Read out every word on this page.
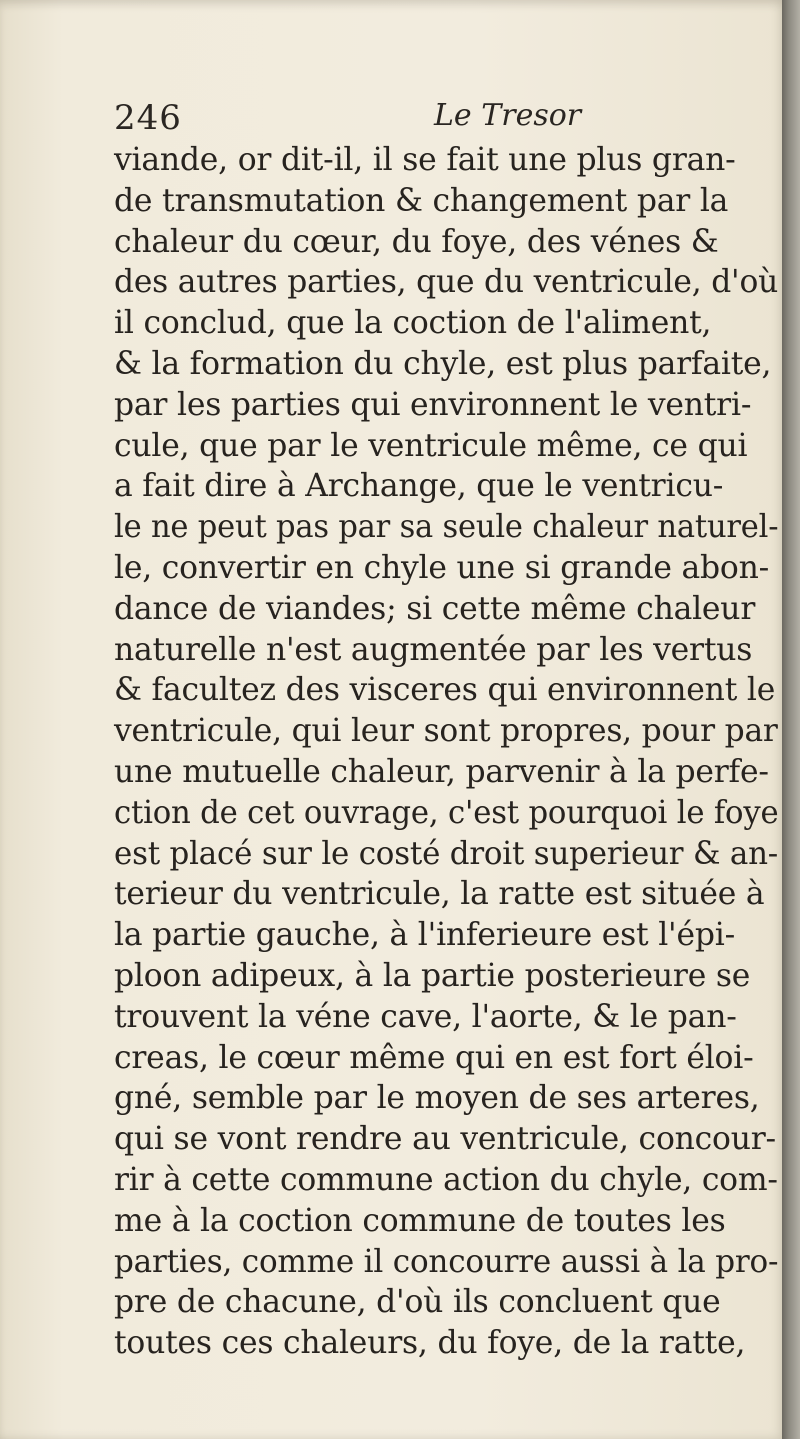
246	Le Tresor
viande, or dit-il, il se fait une plus gran-
de transmutation & changement par la
chaleur du cœur, du foye, des vénes &
des autres parties, que du ventricule, d'où
il conclud, que la coction de l'aliment,
& la formation du chyle, est plus parfaite,
par les parties qui environnent le ventri-
cule, que par le ventricule même, ce qui
a fait dire à Archange, que le ventricu-
le ne peut pas par sa seule chaleur naturel-
le, convertir en chyle une si grande abon-
dance de viandes; si cette même chaleur
naturelle n'est augmentée par les vertus
& facultez des visceres qui environnent le
ventricule, qui leur sont propres, pour par
une mutuelle chaleur, parvenir à la perfe-
ction de cet ouvrage, c'est pourquoi le foye
est placé sur le costé droit superieur & an-
terieur du ventricule, la ratte est située à
la partie gauche, à l'inferieure est l'épi-
ploon adipeux, à la partie posterieure se
trouvent la véne cave, l'aorte, & le pan-
creas, le cœur même qui en est fort éloi-
gné, semble par le moyen de ses arteres,
qui se vont rendre au ventricule, concour-
rir à cette commune action du chyle, com-
me à la coction commune de toutes les
parties, comme il concourre aussi à la pro-
pre de chacune, d'où ils concluent que
toutes ces chaleurs, du foye, de la ratte,
